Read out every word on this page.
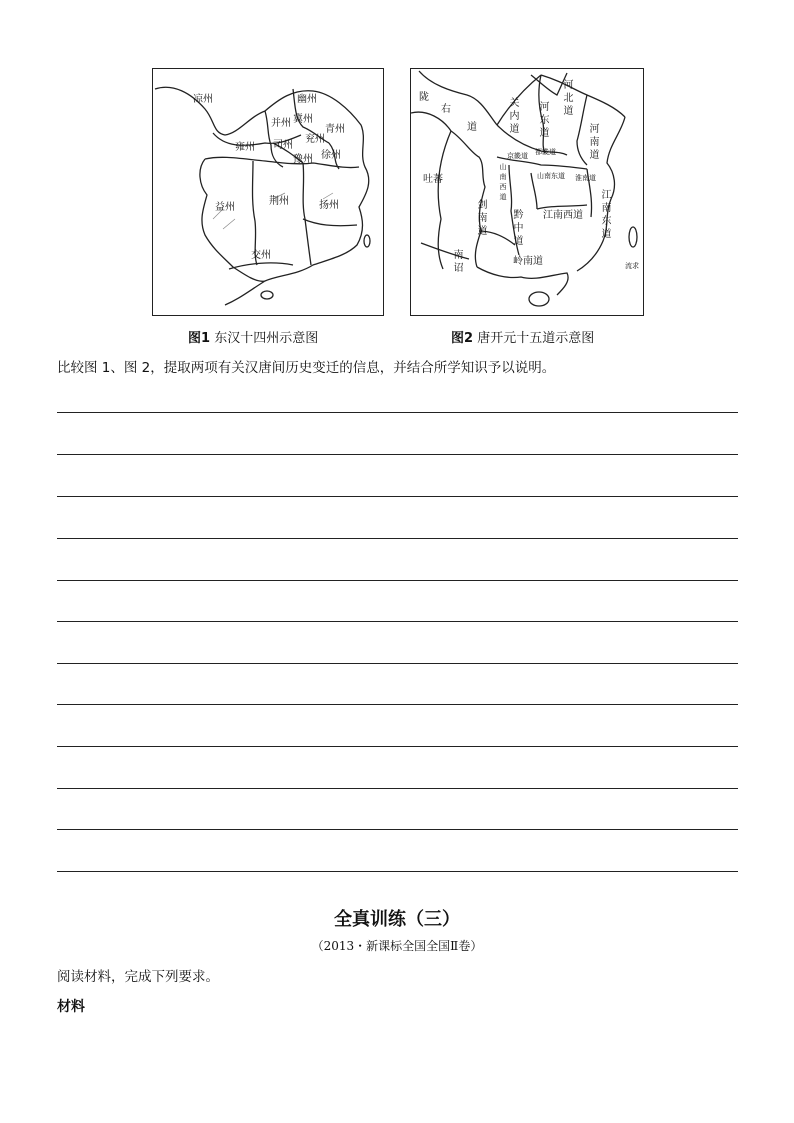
凉州	幽州
冀州
并州
青州
雍州 司州
兖州
豫州 徐州
益州
荆州	扬州
交州
陇
右
道	关内道 河东道
河北道
河南道
京畿道 都畿道
吐蕃	山南西道	山南东道 淮南道
剑南道	黔中道 江南西道 江南东道
南诏	岭南道	流求
图1 东汉十四州示意图	图2 唐开元十五道示意图
比较图 1、图 2，提取两项有关汉唐间历史变迁的信息，并结合所学知识予以说明。
全真训练（三）
（2013・新课标全国全国Ⅱ卷）
阅读材料，完成下列要求。
材料
